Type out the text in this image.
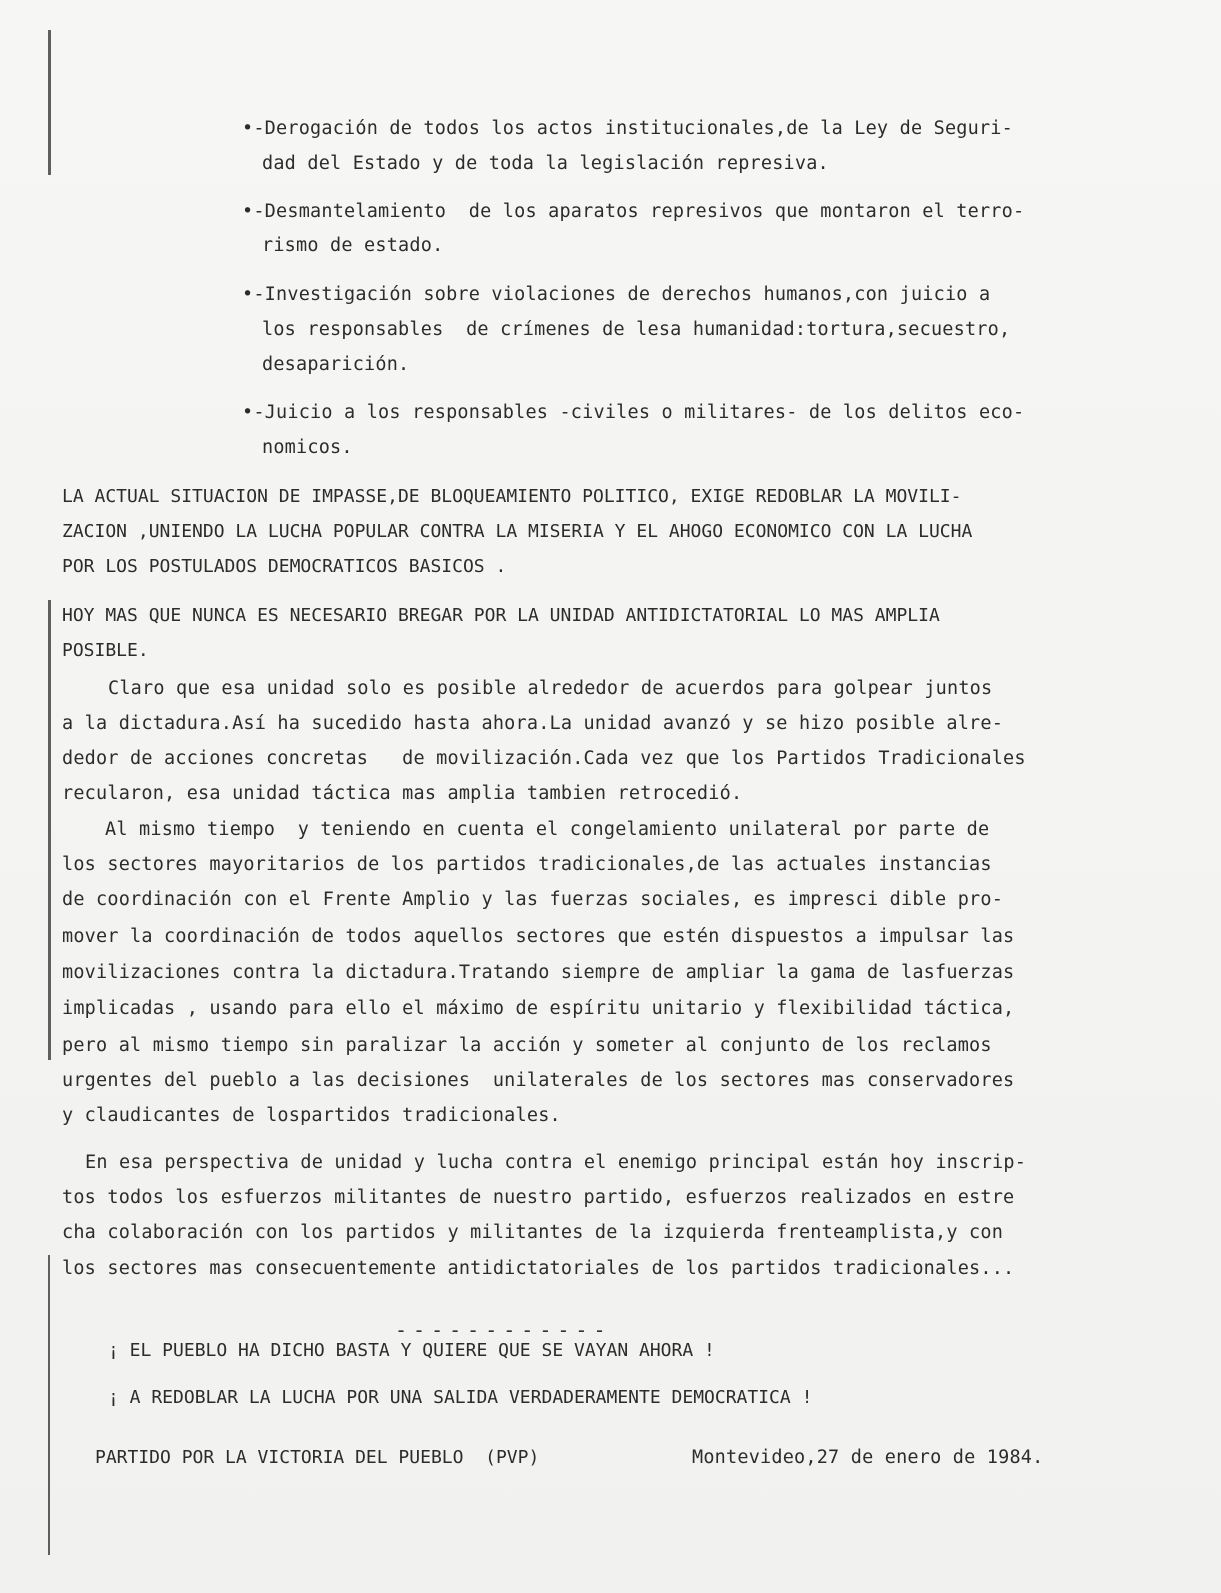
•-Derogación de todos los actos institucionales,de la Ley de Seguri-
dad del Estado y de toda la legislación represiva.
•-Desmantelamiento  de los aparatos represivos que montaron el terro-
rismo de estado.
•-Investigación sobre violaciones de derechos humanos,con juicio a
los responsables  de crímenes de lesa humanidad:tortura,secuestro,
desaparición.
•-Juicio a los responsables -civiles o militares- de los delitos eco-
nomicos.
LA ACTUAL SITUACION DE IMPASSE,DE BLOQUEAMIENTO POLITICO, EXIGE REDOBLAR LA MOVILI-
ZACION ,UNIENDO LA LUCHA POPULAR CONTRA LA MISERIA Y EL AHOGO ECONOMICO CON LA LUCHA
POR LOS POSTULADOS DEMOCRATICOS BASICOS .
HOY MAS QUE NUNCA ES NECESARIO BREGAR POR LA UNIDAD ANTIDICTATORIAL LO MAS AMPLIA
POSIBLE.
Claro que esa unidad solo es posible alrededor de acuerdos para golpear juntos
a la dictadura.Así ha sucedido hasta ahora.La unidad avanzó y se hizo posible alre-
dedor de acciones concretas   de movilización.Cada vez que los Partidos Tradicionales
recularon, esa unidad táctica mas amplia tambien retrocedió.
Al mismo tiempo  y teniendo en cuenta el congelamiento unilateral por parte de
los sectores mayoritarios de los partidos tradicionales,de las actuales instancias
de coordinación con el Frente Amplio y las fuerzas sociales, es impresci dible pro-
mover la coordinación de todos aquellos sectores que estén dispuestos a impulsar las
movilizaciones contra la dictadura.Tratando siempre de ampliar la gama de lasfuerzas
implicadas , usando para ello el máximo de espíritu unitario y flexibilidad táctica,
pero al mismo tiempo sin paralizar la acción y someter al conjunto de los reclamos
urgentes del pueblo a las decisiones  unilaterales de los sectores mas conservadores
y claudicantes de lospartidos tradicionales.
En esa perspectiva de unidad y lucha contra el enemigo principal están hoy inscrip-
tos todos los esfuerzos militantes de nuestro partido, esfuerzos realizados en estre
cha colaboración con los partidos y militantes de la izquierda frenteamplista,y con
los sectores mas consecuentemente antidictatoriales de los partidos tradicionales...
------------
¡ EL PUEBLO HA DICHO BASTA Y QUIERE QUE SE VAYAN AHORA !
¡ A REDOBLAR LA LUCHA POR UNA SALIDA VERDADERAMENTE DEMOCRATICA !
PARTIDO POR LA VICTORIA DEL PUEBLO  (PVP)	Montevideo,27 de enero de 1984.
